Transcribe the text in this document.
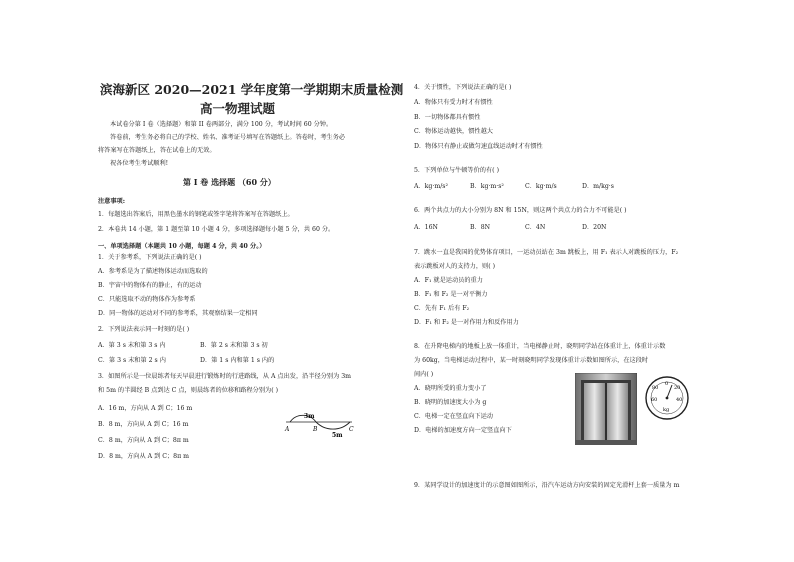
滨海新区 2020—2021 学年度第一学期期末质量检测
高一物理试题
本试卷分第 I 卷（选择题）和第 II 卷两部分，满分 100 分，考试时间 60 分钟。
答卷前，考生务必将自己的学校、姓名、准考证号填写在答题纸上。答卷时，考生务必
将答案写在答题纸上，答在试卷上的无效。
祝各位考生考试顺利!
第 I 卷 选择题 （60 分）
注意事项:
1．每题选出答案后，用黑色墨水的钢笔或签字笔将答案写在答题纸上。
2．本卷共 14 小题，第 1 题至第 10 小题 4 分，多项选择题每小题 5 分，共 60 分。
一、单项选择题（本题共 10 小题，每题 4 分，共 40 分。）
1．关于参考系，下列说法正确的是( )
A．参考系是为了描述物体运动而选取的
B．宇宙中的物体有的静止，有的运动
C．只能选取不动的物体作为参考系
D．同一物体的运动对不同的参考系，其观察结果一定相同
2．下列说法表示同一时刻的是( )
A．第 3 s 末和第 3 s 内	B．第 2 s 末和第 3 s 初
C．第 3 s 末和第 2 s 内	D．第 1 s 内和第 1 s 内的
3．如图所示是一位晨练者每天早晨进行锻炼时的行进路线，从 A 点出发，沿半径分别为 3m
和 5m 的半圆经 B 点到达 C 点，则晨练者的位移和路程分别为( )
A．16 m，方向从 A 到 C；16 m
B．8 m，方向从 A 到 C；16 m
C．8 m，方向从 A 到 C；8π m
D．8 m，方向从 A 到 C；8π m
A	B	C
3m
5m
4．关于惯性，下列说法正确的是( )
A．物体只有受力时才有惯性
B．一切物体都具有惯性
C．物体运动越快，惯性越大
D．物体只有静止或做匀速直线运动时才有惯性
5．下列单位与牛顿等价的有( )
A．kg·m/s²	B．kg·m·s²	C．kg·m/s	D．m/kg·s
6．两个共点力的大小分别为 8N 和 15N，则这两个共点力的合力不可能是( )
A．16N	B．8N	C．4N	D．20N
7．跳水一直是我国的优势体育项目，一运动员站在 3m 跳板上，用 F₁ 表示人对跳板的压力，F₂
表示跳板对人的支持力，则( )
A．F₁ 就是运动员的重力
B．F₁ 和 F₂ 是一对平衡力
C．先有 F₁ 后有 F₂
D．F₁ 和 F₂ 是一对作用力和反作用力
8．在升降电梯内的地板上放一体重计，当电梯静止时，晓明同学站在体重计上，体重计示数
为 60kg，当电梯运动过程中，某一时刻晓明同学发现体重计示数如图所示，在这段时
间内( )
A．晓明所受的重力变小了
B．晓明的加速度大小为 g
C．电梯一定在竖直向下运动
D．电梯的加速度方向一定竖直向下
0
20
40
80
60
kg
9．某同学设计的加速度计的示意图如图所示，沿汽车运动方向安装的固定光滑杆上套一质量为 m
